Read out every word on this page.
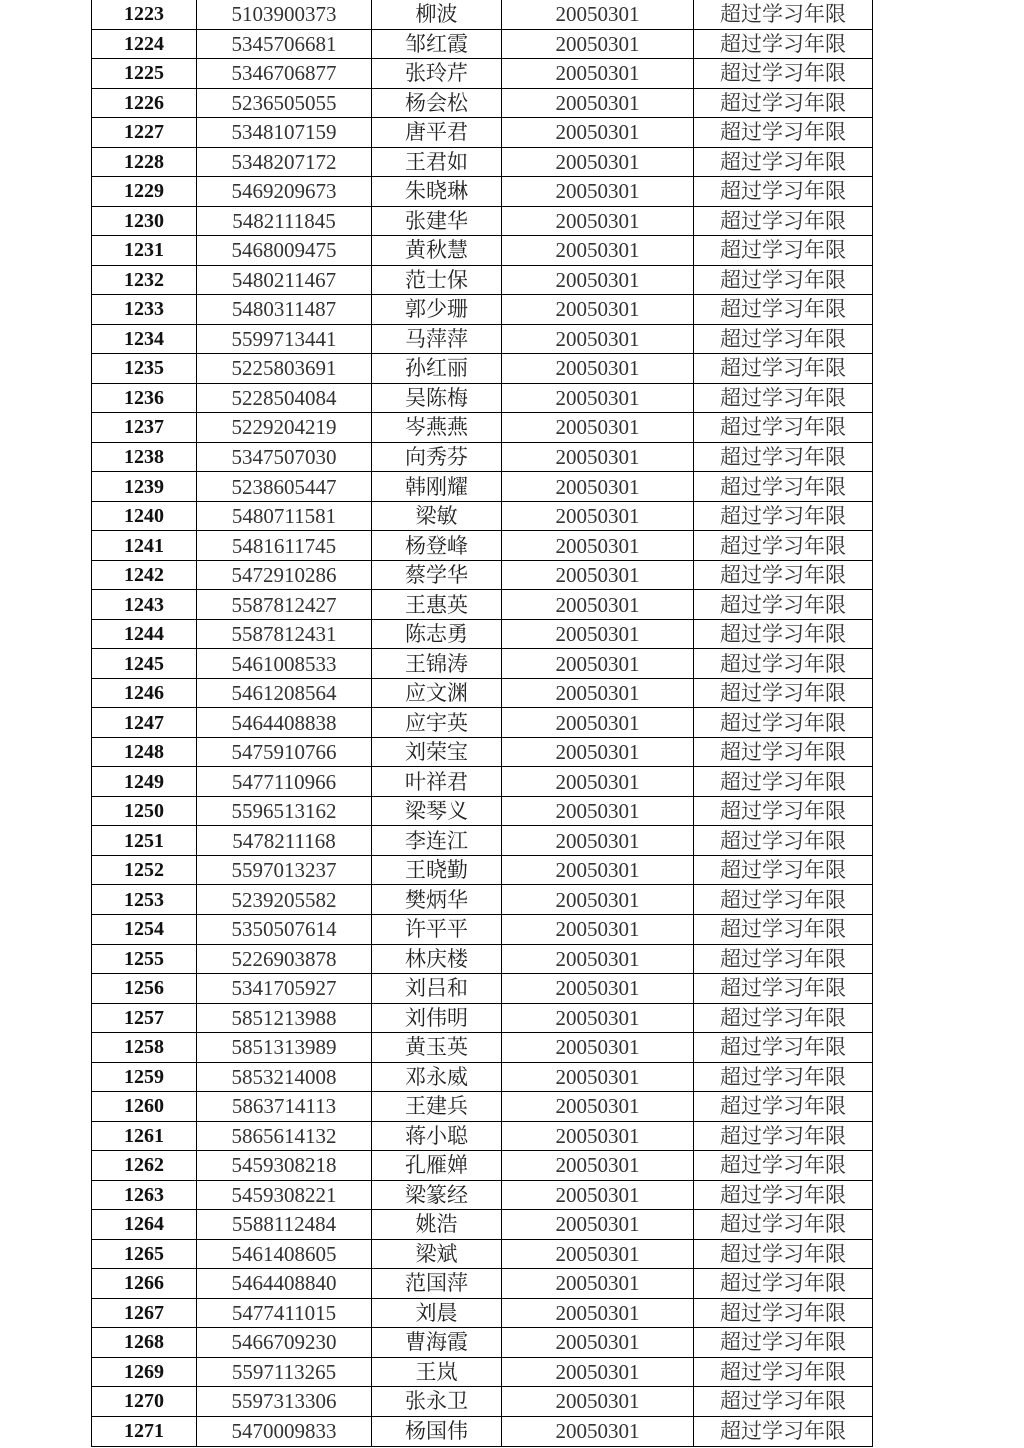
1223	5103900373	柳波	20050301	超过学习年限
1224	5345706681	邹红霞	20050301	超过学习年限
1225	5346706877	张玲芹	20050301	超过学习年限
1226	5236505055	杨会松	20050301	超过学习年限
1227	5348107159	唐平君	20050301	超过学习年限
1228	5348207172	王君如	20050301	超过学习年限
1229	5469209673	朱晓琳	20050301	超过学习年限
1230	5482111845	张建华	20050301	超过学习年限
1231	5468009475	黄秋慧	20050301	超过学习年限
1232	5480211467	范士保	20050301	超过学习年限
1233	5480311487	郭少珊	20050301	超过学习年限
1234	5599713441	马萍萍	20050301	超过学习年限
1235	5225803691	孙红丽	20050301	超过学习年限
1236	5228504084	吴陈梅	20050301	超过学习年限
1237	5229204219	岑燕燕	20050301	超过学习年限
1238	5347507030	向秀芬	20050301	超过学习年限
1239	5238605447	韩刚耀	20050301	超过学习年限
1240	5480711581	梁敏	20050301	超过学习年限
1241	5481611745	杨登峰	20050301	超过学习年限
1242	5472910286	蔡学华	20050301	超过学习年限
1243	5587812427	王惠英	20050301	超过学习年限
1244	5587812431	陈志勇	20050301	超过学习年限
1245	5461008533	王锦涛	20050301	超过学习年限
1246	5461208564	应文渊	20050301	超过学习年限
1247	5464408838	应宇英	20050301	超过学习年限
1248	5475910766	刘荣宝	20050301	超过学习年限
1249	5477110966	叶祥君	20050301	超过学习年限
1250	5596513162	梁琴义	20050301	超过学习年限
1251	5478211168	李连江	20050301	超过学习年限
1252	5597013237	王晓勤	20050301	超过学习年限
1253	5239205582	樊炳华	20050301	超过学习年限
1254	5350507614	许平平	20050301	超过学习年限
1255	5226903878	林庆楼	20050301	超过学习年限
1256	5341705927	刘吕和	20050301	超过学习年限
1257	5851213988	刘伟明	20050301	超过学习年限
1258	5851313989	黄玉英	20050301	超过学习年限
1259	5853214008	邓永威	20050301	超过学习年限
1260	5863714113	王建兵	20050301	超过学习年限
1261	5865614132	蒋小聪	20050301	超过学习年限
1262	5459308218	孔雁婵	20050301	超过学习年限
1263	5459308221	梁篆经	20050301	超过学习年限
1264	5588112484	姚浩	20050301	超过学习年限
1265	5461408605	梁斌	20050301	超过学习年限
1266	5464408840	范国萍	20050301	超过学习年限
1267	5477411015	刘晨	20050301	超过学习年限
1268	5466709230	曹海霞	20050301	超过学习年限
1269	5597113265	王岚	20050301	超过学习年限
1270	5597313306	张永卫	20050301	超过学习年限
1271	5470009833	杨国伟	20050301	超过学习年限
